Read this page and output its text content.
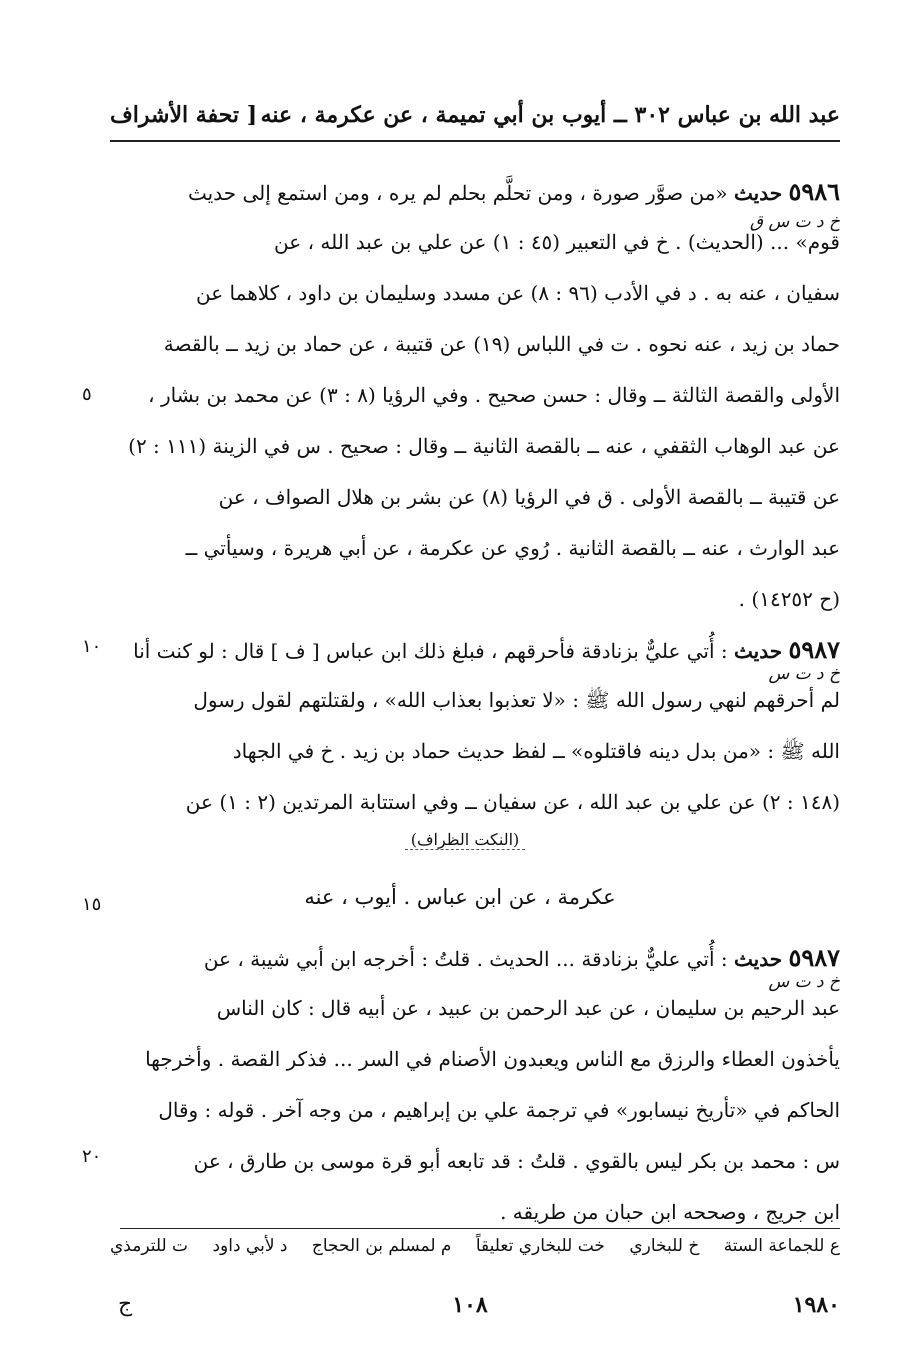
عبد الله بن عباس ٣٠٢ ــ أيوب بن أبي تميمة ، عن عكرمة ، عنه
[ تحفة الأشراف
٥٩٨٦ حديث «من صوَّر صورة ، ومن تحلَّم بحلم لم يره ، ومن استمع إلى حديث
قوم» ... (الحديث) . خ في التعبير (٤٥ : ١) عن علي بن عبد الله ، عن
سفيان ، عنه به . د في الأدب (٩٦ : ٨) عن مسدد وسليمان بن داود ، كلاهما عن
حماد بن زيد ، عنه نحوه . ت في اللباس (١٩) عن قتيبة ، عن حماد بن زيد ــ بالقصة
الأولى والقصة الثالثة ــ وقال : حسن صحيح . وفي الرؤيا (٨ : ٣) عن محمد بن بشار ،
عن عبد الوهاب الثقفي ، عنه ــ بالقصة الثانية ــ وقال : صحيح . س في الزينة (١١١ : ٢)
عن قتيبة ــ بالقصة الأولى . ق في الرؤيا (٨) عن بشر بن هلال الصواف ، عن
عبد الوارث ، عنه ــ بالقصة الثانية . رُوي عن عكرمة ، عن أبي هريرة ، وسيأتي ــ
(ح ١٤٢٥٢) .
خ د ت س ق
٥٩٨٧ حديث : أُتي عليٌّ بزنادقة فأحرقهم ، فبلغ ذلك ابن عباس [ ف ] قال : لو كنت أنا
لم أحرقهم لنهي رسول الله ﷺ : «لا تعذبوا بعذاب الله» ، ولقتلتهم لقول رسول
الله ﷺ : «من بدل دينه فاقتلوه» ــ لفظ حديث حماد بن زيد . خ في الجهاد
(١٤٨ : ٢) عن علي بن عبد الله ، عن سفيان ــ وفي استتابة المرتدين (٢ : ١) عن
خ د ت س
(النكت الظراف)
عكرمة ، عن ابن عباس . أيوب ، عنه
٥٩٨٧ حديث : أُتي عليٌّ بزنادقة ... الحديث . قلتُ : أخرجه ابن أبي شيبة ، عن
عبد الرحيم بن سليمان ، عن عبد الرحمن بن عبيد ، عن أبيه قال : كان الناس
يأخذون العطاء والرزق مع الناس ويعبدون الأصنام في السر ... فذكر القصة . وأخرجها
الحاكم في «تأريخ نيسابور» في ترجمة علي بن إبراهيم ، من وجه آخر . قوله : وقال
س : محمد بن بكر ليس بالقوي . قلتُ : قد تابعه أبو قرة موسى بن طارق ، عن
ابن جريج ، وصححه ابن حبان من طريقه .
خ د ت س
٥
١٠
١٥
٢٠
ع للجماعة الستة
خ للبخاري
خت للبخاري تعليقاً
م لمسلم بن الحجاج
د لأبي داود
ت للترمذي
١٩٨٠
١٠٨
ج
